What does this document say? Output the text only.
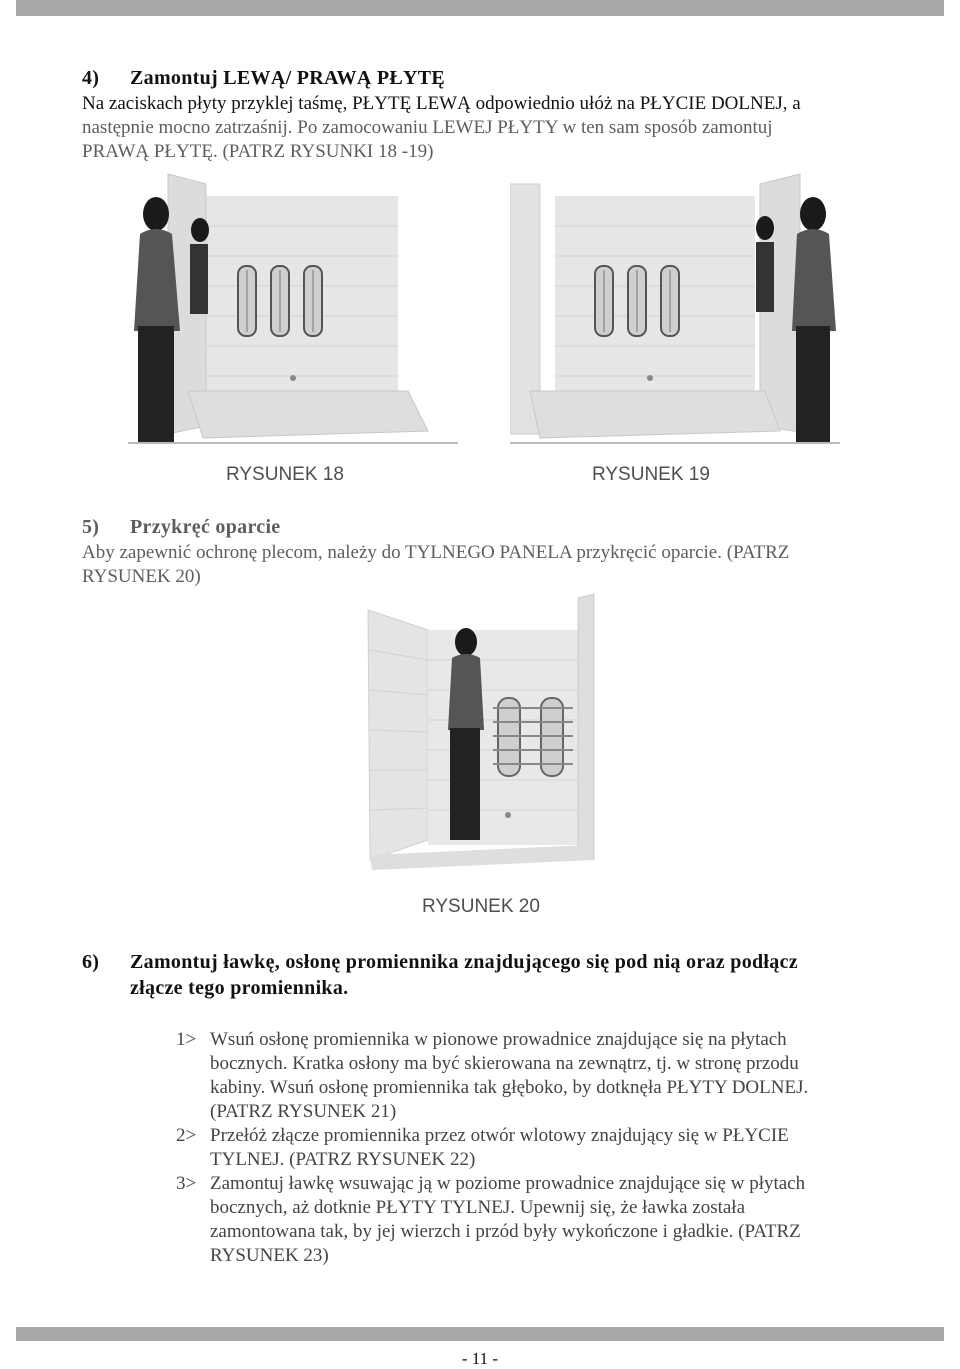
4)	Zamontuj LEWĄ/ PRAWĄ PŁYTĘ

Na zaciskach płyty przyklej taśmę, PŁYTĘ LEWĄ odpowiednio ułóż na PŁYCIE DOLNEJ, a

następnie mocno zatrzaśnij. Po zamocowaniu LEWEJ PŁYTY w ten sam sposób zamontuj

PRAWĄ PŁYTĘ. (PATRZ RYSUNKI 18 -19)

RYSUNEK 18	RYSUNEK 19
5)	Przykręć oparcie

Aby zapewnić ochronę plecom, należy do TYLNEGO PANELA przykręcić oparcie. (PATRZ

RYSUNEK 20)

RYSUNEK 20
6)	Zamontuj ławkę, osłonę promiennika znajdującego się pod nią oraz podłącz
złącze tego promiennika.
1> Wsuń osłonę promiennika w pionowe prowadnice znajdujące się na płytach
bocznych. Kratka osłony ma być skierowana na zewnątrz, tj. w stronę przodu
kabiny. Wsuń osłonę promiennika tak głęboko, by dotknęła PŁYTY DOLNEJ.
(PATRZ RYSUNEK 21)
2> Przełóż złącze promiennika przez otwór wlotowy znajdujący się w PŁYCIE
TYLNEJ. (PATRZ RYSUNEK 22)
3> Zamontuj ławkę wsuwając ją w poziome prowadnice znajdujące się w płytach
bocznych, aż dotknie PŁYTY TYLNEJ. Upewnij się, że ławka została
zamontowana tak, by jej wierzch i przód były wykończone i gładkie. (PATRZ
RYSUNEK 23)
- 11 -
